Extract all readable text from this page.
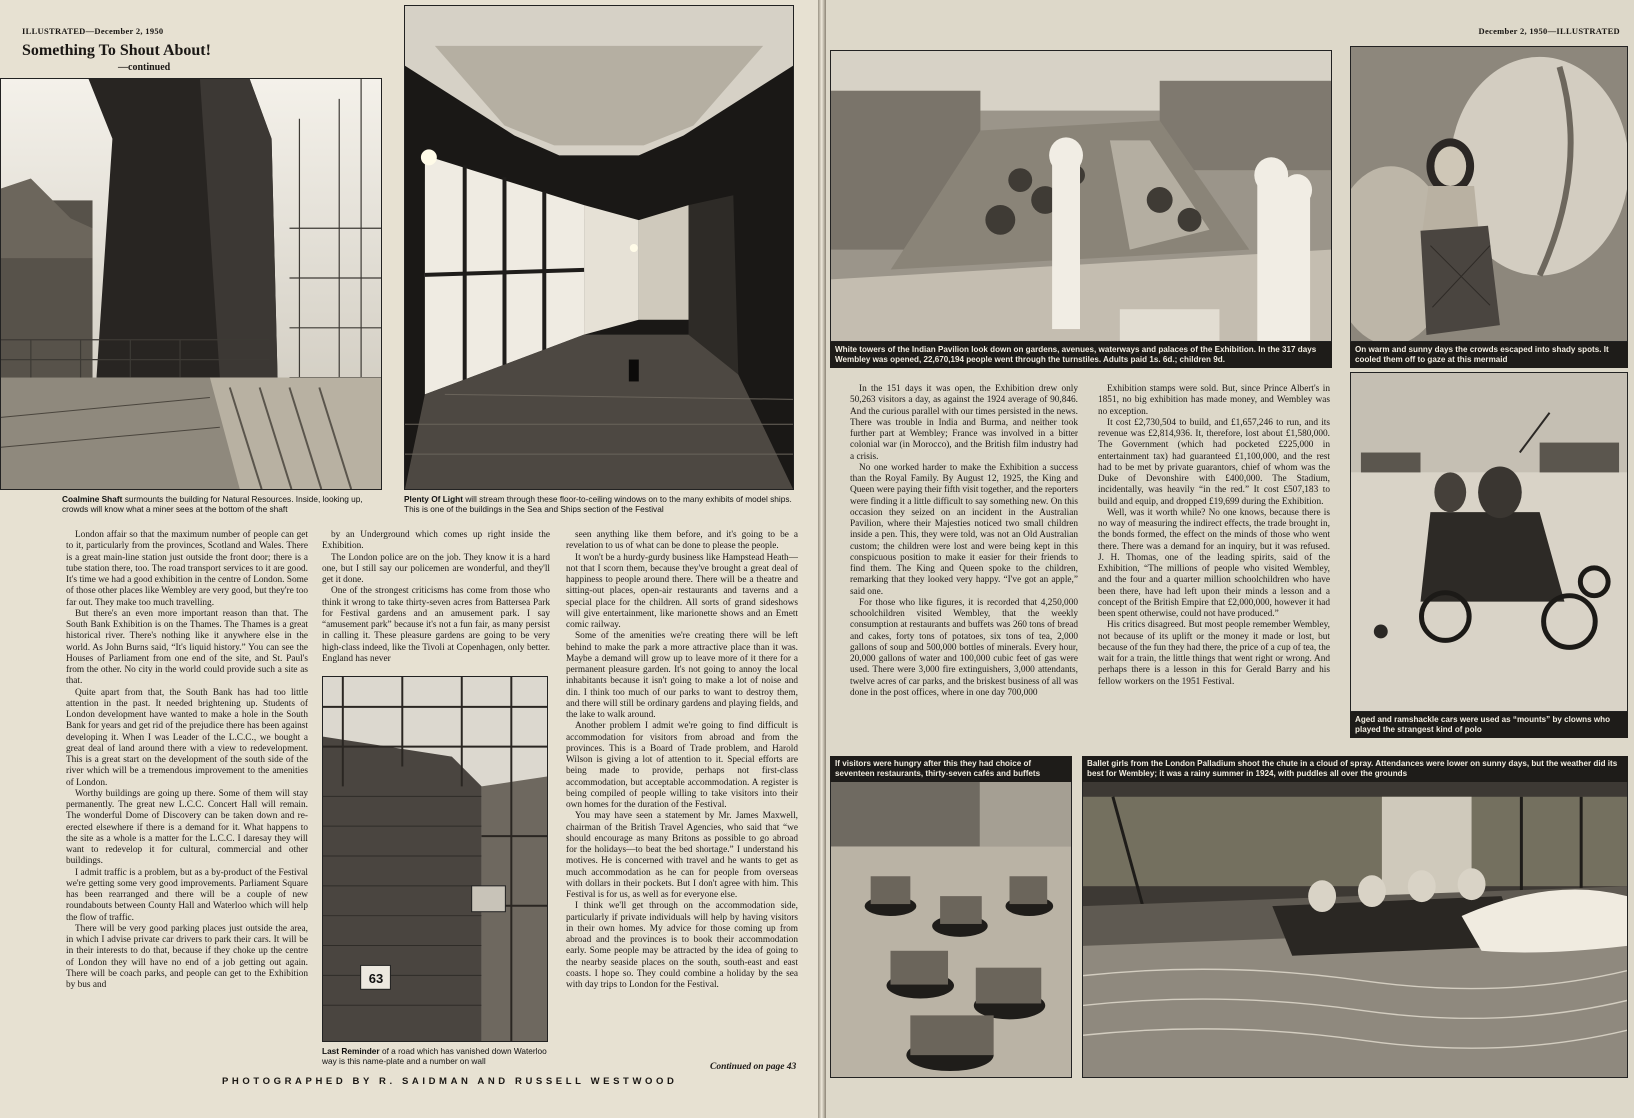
ILLUSTRATED—December 2, 1950
Something To Shout About!
—continued
Coalmine Shaft surmounts the building for Natural Resources. Inside, looking up, crowds will know what a miner sees at the bottom of the shaft
Plenty Of Light will stream through these floor-to-ceiling windows on to the many exhibits of model ships. This is one of the buildings in the Sea and Ships section of the Festival
63
Last Reminder of a road which has vanished down Waterloo way is this name-plate and a number on wall

London affair so that the maximum number of people can get to it, particularly from the provinces, Scotland and Wales. There is a great main-line station just outside the front door; there is a tube station there, too. The road transport services to it are good. It's time we had a good exhibition in the centre of London. Some of those other places like Wembley are very good, but they're too far out. They make too much travelling.

But there's an even more important reason than that. The South Bank Exhibition is on the Thames. The Thames is a great historical river. There's nothing like it anywhere else in the world. As John Burns said, “It's liquid history.” You can see the Houses of Parliament from one end of the site, and St. Paul's from the other. No city in the world could provide such a site as that.

Quite apart from that, the South Bank has had too little attention in the past. It needed brightening up. Students of London development have wanted to make a hole in the South Bank for years and get rid of the prejudice there has been against developing it. When I was Leader of the L.C.C., we bought a great deal of land around there with a view to redevelopment. This is a great start on the development of the south side of the river which will be a tremendous improvement to the amenities of London.

Worthy buildings are going up there. Some of them will stay permanently. The great new L.C.C. Concert Hall will remain. The wonderful Dome of Discovery can be taken down and re-erected elsewhere if there is a demand for it. What happens to the site as a whole is a matter for the L.C.C. I daresay they will want to redevelop it for cultural, commercial and other buildings.

I admit traffic is a problem, but as a by-product of the Festival we're getting some very good improvements. Parliament Square has been rearranged and there will be a couple of new roundabouts between County Hall and Waterloo which will help the flow of traffic.

There will be very good parking places just outside the area, in which I advise private car drivers to park their cars. It will be in their interests to do that, because if they choke up the centre of London they will have no end of a job getting out again. There will be coach parks, and people can get to the Exhibition by bus and

by an Underground which comes up right inside the Exhibition.

The London police are on the job. They know it is a hard one, but I still say our policemen are wonderful, and they'll get it done.

One of the strongest criticisms has come from those who think it wrong to take thirty-seven acres from Battersea Park for Festival gardens and an amusement park. I say “amusement park” because it's not a fun fair, as many persist in calling it. These pleasure gardens are going to be very high-class indeed, like the Tivoli at Copenhagen, only better. England has never

seen anything like them before, and it's going to be a revelation to us of what can be done to please the people.

It won't be a hurdy-gurdy business like Hampstead Heath—not that I scorn them, because they've brought a great deal of happiness to people around there. There will be a theatre and sitting-out places, open-air restaurants and taverns and a special place for the children. All sorts of grand sideshows will give entertainment, like marionette shows and an Emett comic railway.

Some of the amenities we're creating there will be left behind to make the park a more attractive place than it was. Maybe a demand will grow up to leave more of it there for a permanent pleasure garden. It's not going to annoy the local inhabitants because it isn't going to make a lot of noise and din. I think too much of our parks to want to destroy them, and there will still be ordinary gardens and playing fields, and the lake to walk around.

Another problem I admit we're going to find difficult is accommodation for visitors from abroad and from the provinces. This is a Board of Trade problem, and Harold Wilson is giving a lot of attention to it. Special efforts are being made to provide, perhaps not first-class accommodation, but acceptable accommodation. A register is being compiled of people willing to take visitors into their own homes for the duration of the Festival.

You may have seen a statement by Mr. James Maxwell, chairman of the British Travel Agencies, who said that “we should encourage as many Britons as possible to go abroad for the holidays—to beat the bed shortage.” I understand his motives. He is concerned with travel and he wants to get as much accommodation as he can for people from overseas with dollars in their pockets. But I don't agree with him. This Festival is for us, as well as for everyone else.

I think we'll get through on the accommodation side, particularly if private individuals will help by having visitors in their own homes. My advice for those coming up from abroad and the provinces is to book their accommodation early. Some people may be attracted by the idea of going to the nearby seaside places on the south, south-east and east coasts. I hope so. They could combine a holiday by the sea with day trips to London for the Festival.

PHOTOGRAPHED BY R. SAIDMAN AND RUSSELL WESTWOOD
Continued on page 43
December 2, 1950—ILLUSTRATED
White towers of the Indian Pavilion look down on gardens, avenues, waterways and palaces of the Exhibition. In the 317 days Wembley was opened, 22,670,194 people went through the turnstiles. Adults paid 1s. 6d.; children 9d.
On warm and sunny days the crowds escaped into shady spots. It cooled them off to gaze at this mermaid
Aged and ramshackle cars were used as “mounts” by clowns who played the strangest kind of polo

In the 151 days it was open, the Exhibition drew only 50,263 visitors a day, as against the 1924 average of 90,846. And the curious parallel with our times persisted in the news. There was trouble in India and Burma, and neither took further part at Wembley; France was involved in a bitter colonial war (in Morocco), and the British film industry had a crisis.

No one worked harder to make the Exhibition a success than the Royal Family. By August 12, 1925, the King and Queen were paying their fifth visit together, and the reporters were finding it a little difficult to say something new. On this occasion they seized on an incident in the Australian Pavilion, where their Majesties noticed two small children inside a pen. This, they were told, was not an Old Australian custom; the children were lost and were being kept in this conspicuous position to make it easier for their friends to find them. The King and Queen spoke to the children, remarking that they looked very happy. “I've got an apple,” said one.

For those who like figures, it is recorded that 4,250,000 schoolchildren visited Wembley, that the weekly consumption at restaurants and buffets was 260 tons of bread and cakes, forty tons of potatoes, six tons of tea, 2,000 gallons of soup and 500,000 bottles of minerals. Every hour, 20,000 gallons of water and 100,000 cubic feet of gas were used. There were 3,000 fire extinguishers, 3,000 attendants, twelve acres of car parks, and the briskest business of all was done in the post offices, where in one day 700,000

Exhibition stamps were sold. But, since Prince Albert's in 1851, no big exhibition has made money, and Wembley was no exception.

It cost £2,730,504 to build, and £1,657,246 to run, and its revenue was £2,814,936. It, therefore, lost about £1,580,000. The Government (which had pocketed £225,000 in entertainment tax) had guaranteed £1,100,000, and the rest had to be met by private guarantors, chief of whom was the Duke of Devonshire with £400,000. The Stadium, incidentally, was heavily “in the red.” It cost £507,183 to build and equip, and dropped £19,699 during the Exhibition.

Well, was it worth while? No one knows, because there is no way of measuring the indirect effects, the trade brought in, the bonds formed, the effect on the minds of those who went there. There was a demand for an inquiry, but it was refused. J. H. Thomas, one of the leading spirits, said of the Exhibition, “The millions of people who visited Wembley, and the four and a quarter million schoolchildren who have been there, have had left upon their minds a lesson and a concept of the British Empire that £2,000,000, however it had been spent otherwise, could not have produced.”

His critics disagreed. But most people remember Wembley, not because of its uplift or the money it made or lost, but because of the fun they had there, the price of a cup of tea, the wait for a train, the little things that went right or wrong. And perhaps there is a lesson in this for Gerald Barry and his fellow workers on the 1951 Festival.

If visitors were hungry after this they had choice of seventeen restaurants, thirty-seven cafés and buffets
Ballet girls from the London Palladium shoot the chute in a cloud of spray. Attendances were lower on sunny days, but the weather did its best for Wembley; it was a rainy summer in 1924, with puddles all over the grounds
